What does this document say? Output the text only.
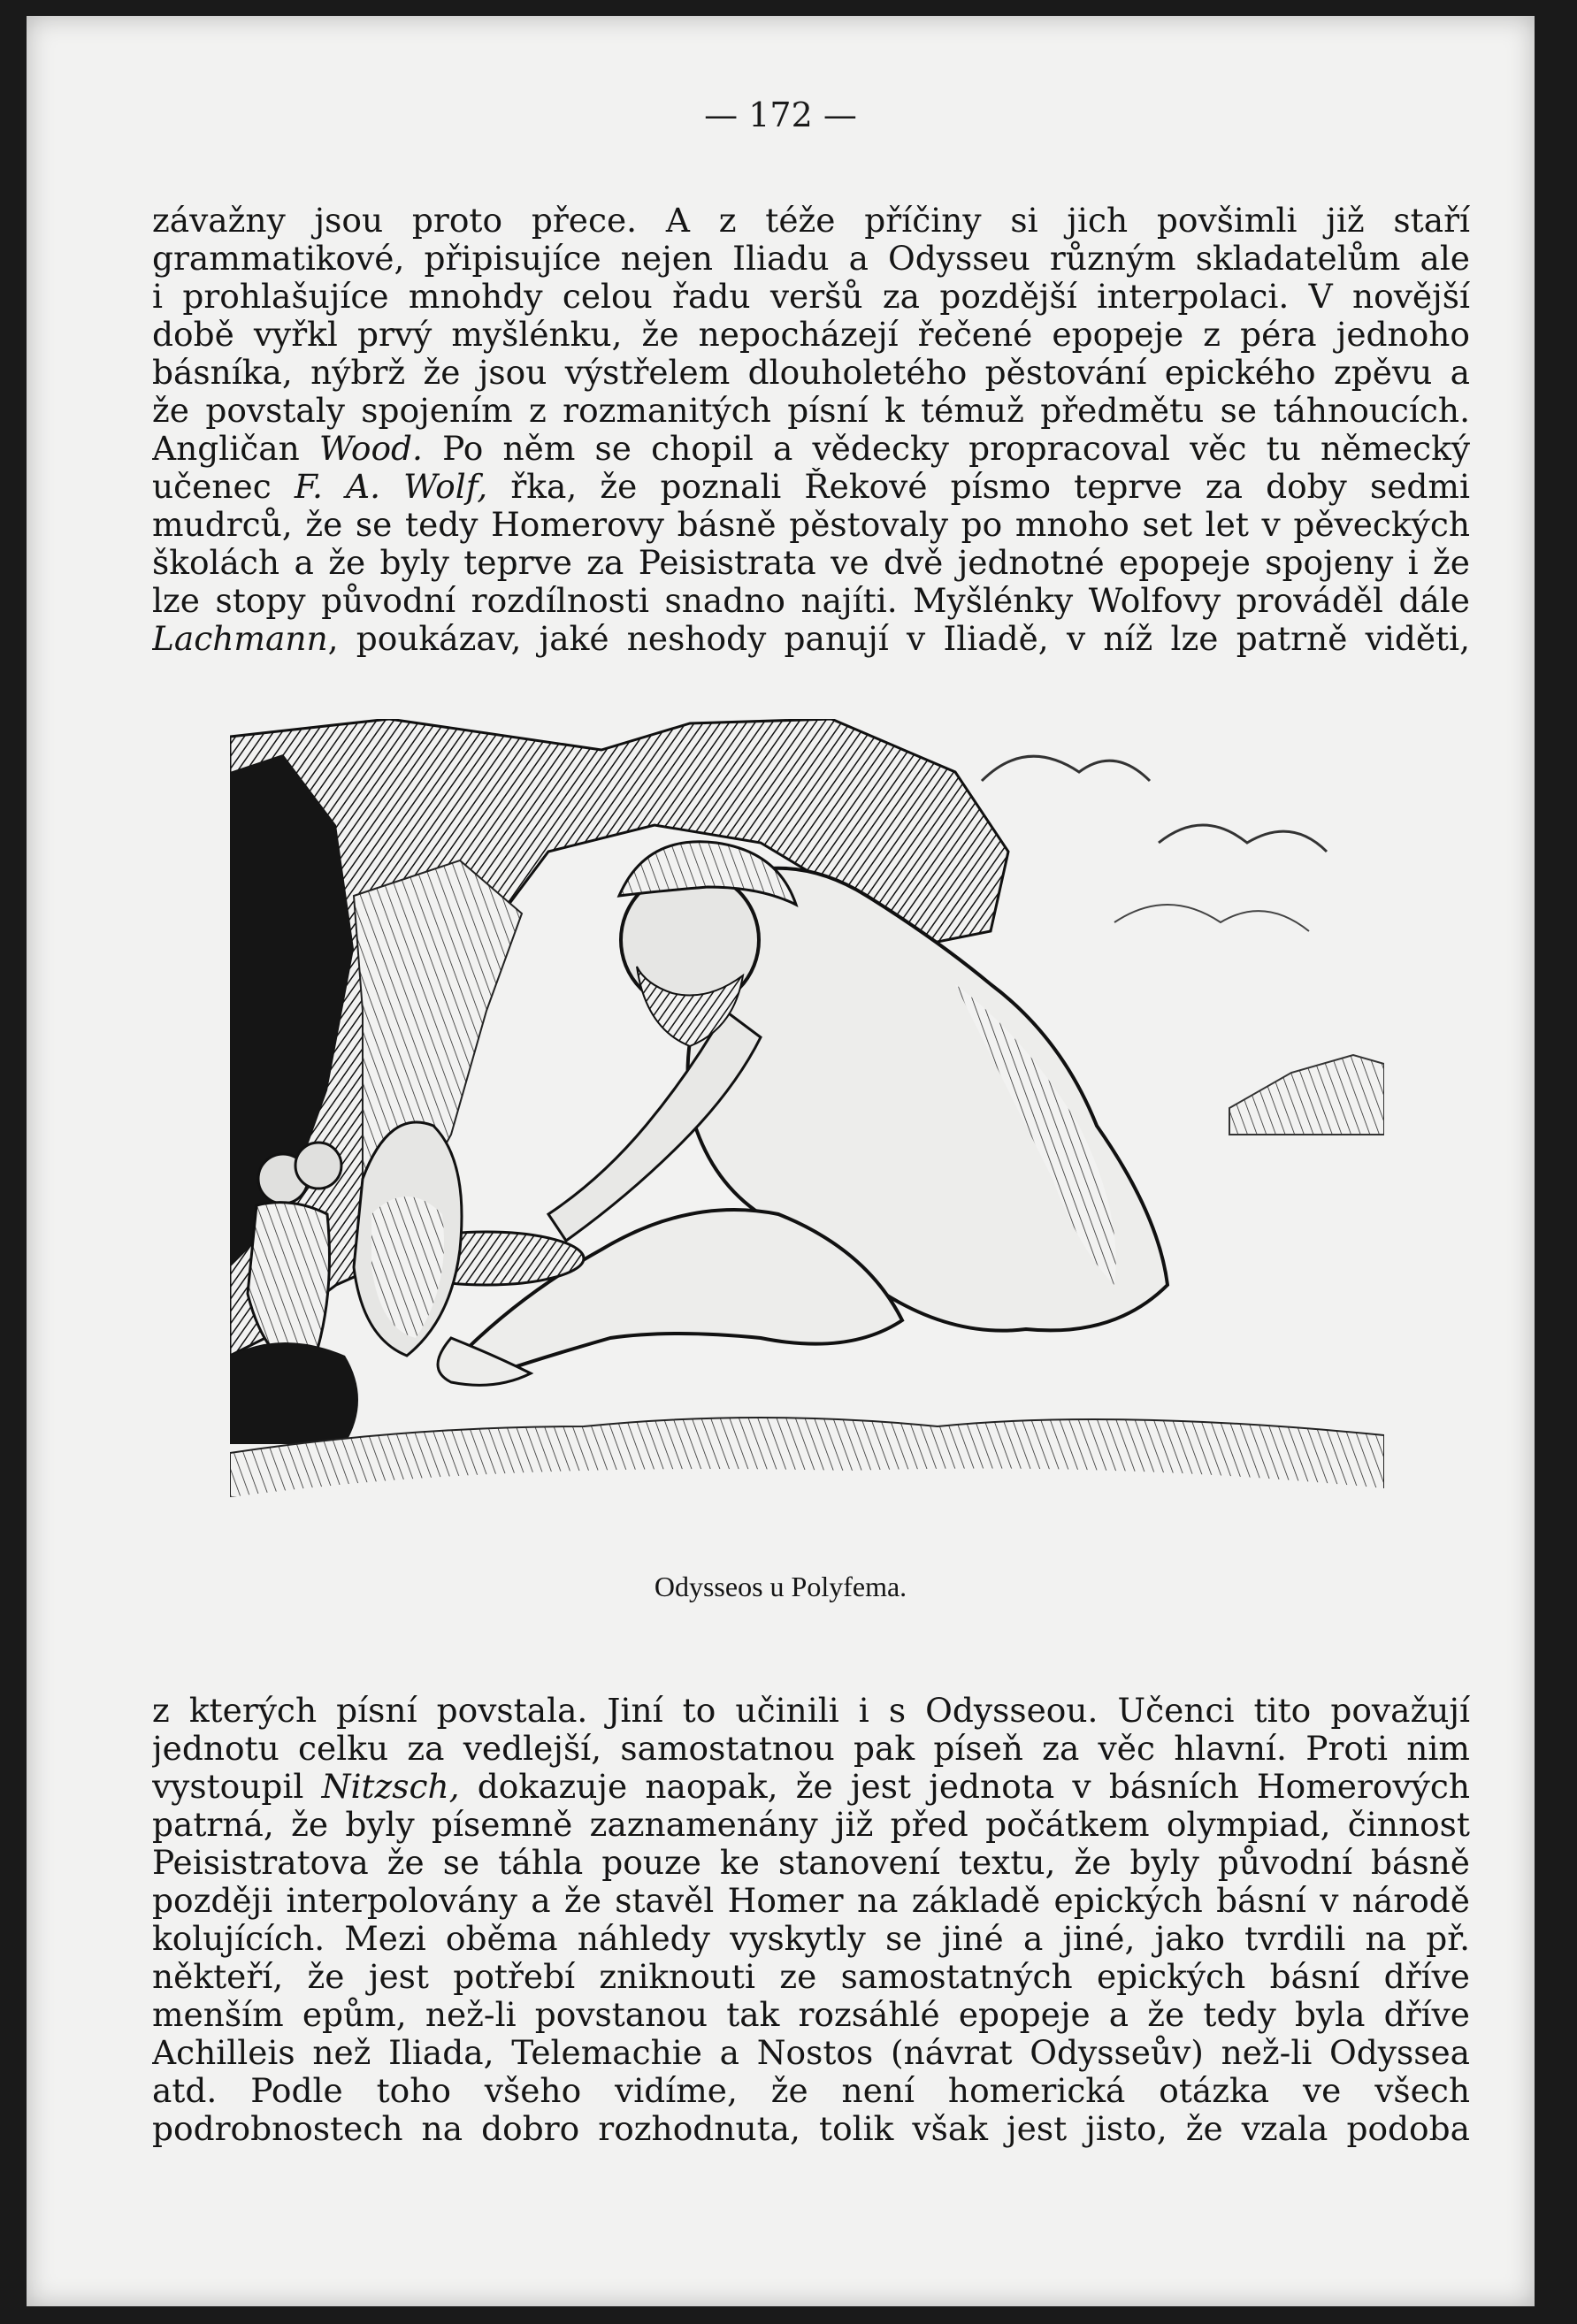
— 172 —
závažny jsou proto přece. A z téže příčiny si jich povšimli již staří
grammatikové, připisujíce nejen Iliadu a Odysseu různým skladatelům ale
i prohlašujíce mnohdy celou řadu veršů za pozdější interpolaci. V novější
době vyřkl prvý myšlénku, že nepocházejí řečené epopeje z péra jednoho
básníka, nýbrž že jsou výstřelem dlouholetého pěstování epického zpěvu a
že povstaly spojením z rozmanitých písní k témuž předmětu se táhnoucích.
Angličan Wood. Po něm se chopil a vědecky propracoval věc tu německý
učenec F. A. Wolf, řka, že poznali Řekové písmo teprve za doby sedmi
mudrců, že se tedy Homerovy básně pěstovaly po mnoho set let v pěveckých
školách a že byly teprve za Peisistrata ve dvě jednotné epopeje spojeny i že
lze stopy původní rozdílnosti snadno najíti. Myšlénky Wolfovy prováděl dále
Lachmann, poukázav, jaké neshody panují v Iliadě, v níž lze patrně viděti,
Odysseos u Polyfema.
z kterých písní povstala. Jiní to učinili i s Odysseou. Učenci tito považují
jednotu celku za vedlejší, samostatnou pak píseň za věc hlavní. Proti nim
vystoupil Nitzsch, dokazuje naopak, že jest jednota v básních Homerových
patrná, že byly písemně zaznamenány již před počátkem olympiad, činnost
Peisistratova že se táhla pouze ke stanovení textu, že byly původní básně
později interpolovány a že stavěl Homer na základě epických básní v národě
kolujících. Mezi oběma náhledy vyskytly se jiné a jiné, jako tvrdili na př.
někteří, že jest potřebí zniknouti ze samostatných epických básní dříve
menším epům, než-li povstanou tak rozsáhlé epopeje a že tedy byla dříve
Achilleis než Iliada, Telemachie a Nostos (návrat Odysseův) než-li Odyssea
atd. Podle toho všeho vidíme, že není homerická otázka ve všech
podrobnostech na dobro rozhodnuta, tolik však jest jisto, že vzala podoba
